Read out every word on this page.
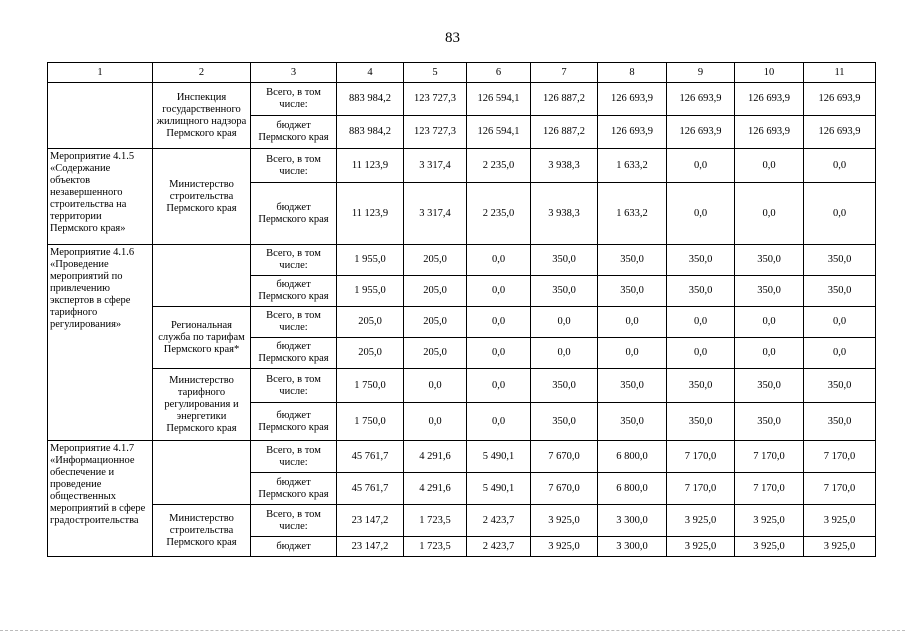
83
1	2	3	4	5	6	7	8	9	10	11
	Инспекция государственного жилищного надзора Пермского края	Всего, в том числе:	883 984,2	123 727,3	126 594,1	126 887,2	126 693,9	126 693,9	126 693,9	126 693,9
		бюджет Пермского края	883 984,2	123 727,3	126 594,1	126 887,2	126 693,9	126 693,9	126 693,9	126 693,9
Мероприятие 4.1.5 «Содержание объектов незавершенного строительства на территории Пермского края»	Министерство строительства Пермского края	Всего, в том числе:	11 123,9	3 317,4	2 235,0	3 938,3	1 633,2	0,0	0,0	0,0
		бюджет Пермского края	11 123,9	3 317,4	2 235,0	3 938,3	1 633,2	0,0	0,0	0,0
Мероприятие 4.1.6 «Проведение мероприятий по привлечению экспертов в сфере тарифного регулирования»		Всего, в том числе:	1 955,0	205,0	0,0	350,0	350,0	350,0	350,0	350,0
		бюджет Пермского края	1 955,0	205,0	0,0	350,0	350,0	350,0	350,0	350,0
	Региональная служба по тарифам Пермского края*	Всего, в том числе:	205,0	205,0	0,0	0,0	0,0	0,0	0,0	0,0
		бюджет Пермского края	205,0	205,0	0,0	0,0	0,0	0,0	0,0	0,0
	Министерство тарифного регулирования и энергетики Пермского края	Всего, в том числе:	1 750,0	0,0	0,0	350,0	350,0	350,0	350,0	350,0
		бюджет Пермского края	1 750,0	0,0	0,0	350,0	350,0	350,0	350,0	350,0
Мероприятие 4.1.7 «Информационное обеспечение и проведение общественных мероприятий в сфере градостроительства		Всего, в том числе:	45 761,7	4 291,6	5 490,1	7 670,0	6 800,0	7 170,0	7 170,0	7 170,0
		бюджет Пермского края	45 761,7	4 291,6	5 490,1	7 670,0	6 800,0	7 170,0	7 170,0	7 170,0
	Министерство строительства Пермского края	Всего, в том числе:	23 147,2	1 723,5	2 423,7	3 925,0	3 300,0	3 925,0	3 925,0	3 925,0
		бюджет	23 147,2	1 723,5	2 423,7	3 925,0	3 300,0	3 925,0	3 925,0	3 925,0
